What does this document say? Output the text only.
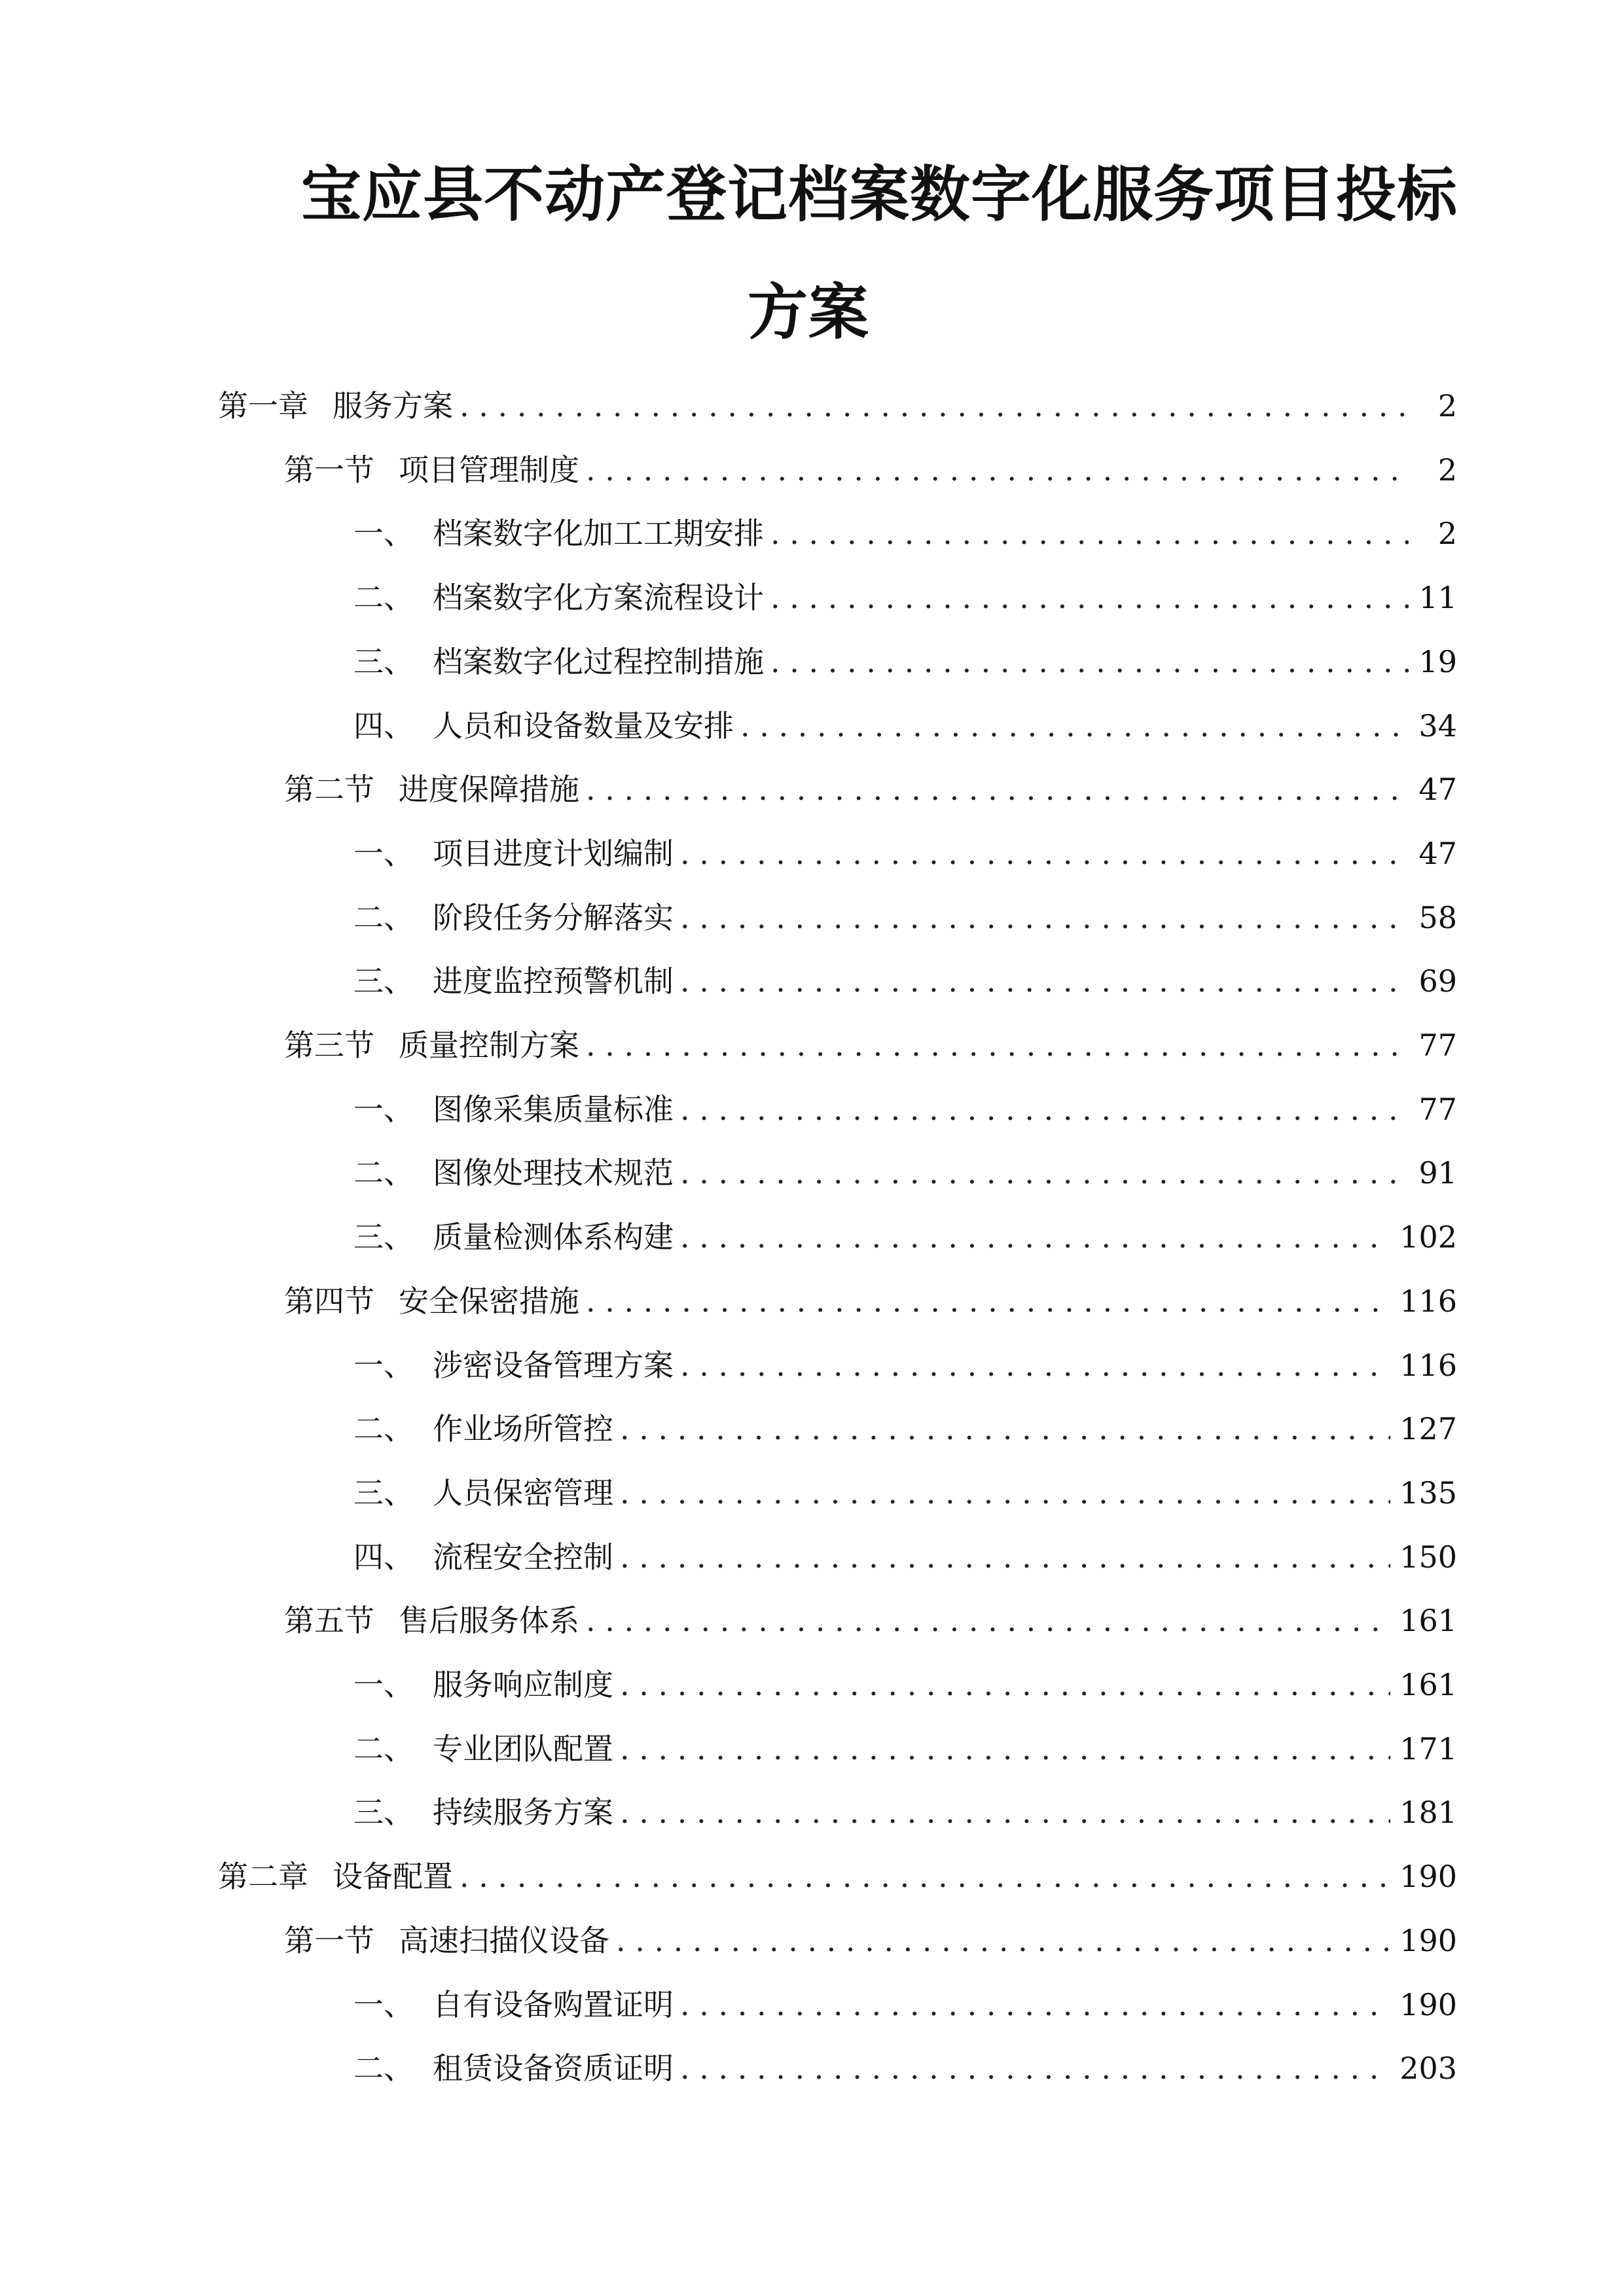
宝应县不动产登记档案数字化服务项目投标
方案
第一章 服务方案 . . .	2
第一节 项目管理制度 . . .	2
一、 档案数字化加工工期安排 . . .	2
二、 档案数字化方案流程设计 . . .	11
三、 档案数字化过程控制措施 . . .	19
四、 人员和设备数量及安排 . . .	34
第二节 进度保障措施 . . .	47
一、 项目进度计划编制 . . .	47
二、 阶段任务分解落实 . . .	58
三、 进度监控预警机制 . . .	69
第三节 质量控制方案 . . .	77
一、 图像采集质量标准 . . .	77
二、 图像处理技术规范 . . .	91
三、 质量检测体系构建 . . .	102
第四节 安全保密措施 . . .	116
一、 涉密设备管理方案 . . .	116
二、 作业场所管控 . . .	127
三、 人员保密管理 . . .	135
四、 流程安全控制 . . .	150
第五节 售后服务体系 . . .	161
一、 服务响应制度 . . .	161
二、 专业团队配置 . . .	171
三、 持续服务方案 . . .	181
第二章 设备配置 . . .	190
第一节 高速扫描仪设备 . . .	190
一、 自有设备购置证明 . . .	190
二、 租赁设备资质证明 . . .	203
